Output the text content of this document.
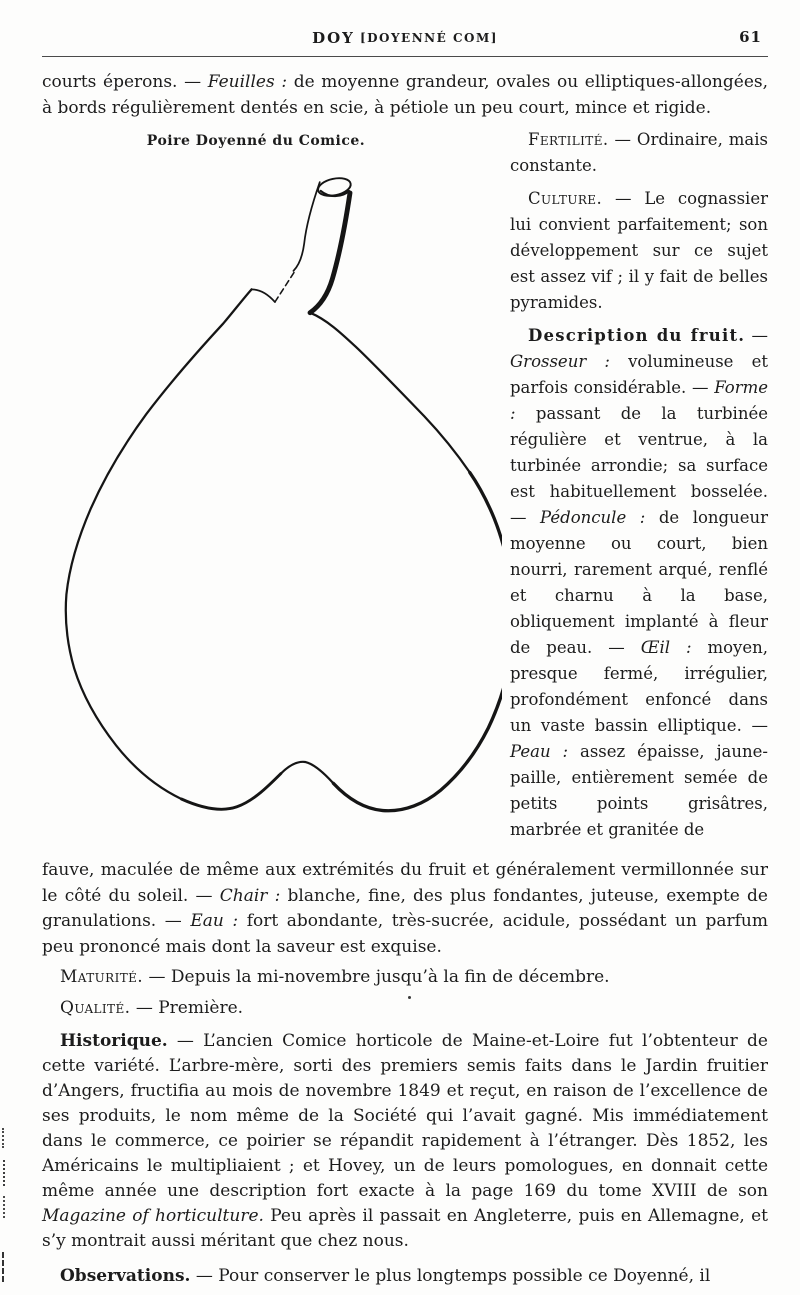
DOY [DOYENNÉ COM]	61

courts éperons. — Feuilles : de moyenne grandeur, ovales ou elliptiques-allongées, à bords régulièrement dentés en scie, à pétiole un peu court, mince et rigide.

Poire Doyenné du Comice.	Fertilité. — Ordinaire, mais constante.

Culture. — Le cognassier lui convient parfaitement; son développement sur ce sujet est assez vif ; il y fait de belles pyramides.

Description du fruit. — Grosseur : volumineuse et parfois considérable. — Forme : passant de la turbinée régulière et ventrue, à la turbinée arrondie; sa surface est habituellement bosselée. — Pédoncule : de longueur moyenne ou court, bien nourri, rarement arqué, renflé et charnu à la base, obliquement implanté à fleur de peau. — Œil : moyen, presque fermé, irrégulier, profondément enfoncé dans un vaste bassin elliptique. — Peau : assez épaisse, jaune-paille, entièrement semée de petits points grisâtres, marbrée et granitée de

fauve, maculée de même aux extrémités du fruit et généralement vermillonnée sur le côté du soleil. — Chair : blanche, fine, des plus fondantes, juteuse, exempte de granulations. — Eau : fort abondante, très-sucrée, acidule, possédant un parfum peu prononcé mais dont la saveur est exquise.

Maturité. — Depuis la mi-novembre jusqu’à la fin de décembre.

Qualité. — Première.

Historique. — L’ancien Comice horticole de Maine-et-Loire fut l’obtenteur de cette variété. L’arbre-mère, sorti des premiers semis faits dans le Jardin fruitier d’Angers, fructifia au mois de novembre 1849 et reçut, en raison de l’excellence de ses produits, le nom même de la Société qui l’avait gagné. Mis immédiatement dans le commerce, ce poirier se répandit rapidement à l’étranger. Dès 1852, les Américains le multipliaient ; et Hovey, un de leurs pomologues, en donnait cette même année une description fort exacte à la page 169 du tome XVIII de son Magazine of horticulture. Peu après il passait en Angleterre, puis en Allemagne, et s’y montrait aussi méritant que chez nous.

Observations. — Pour conserver le plus longtemps possible ce Doyenné, il
